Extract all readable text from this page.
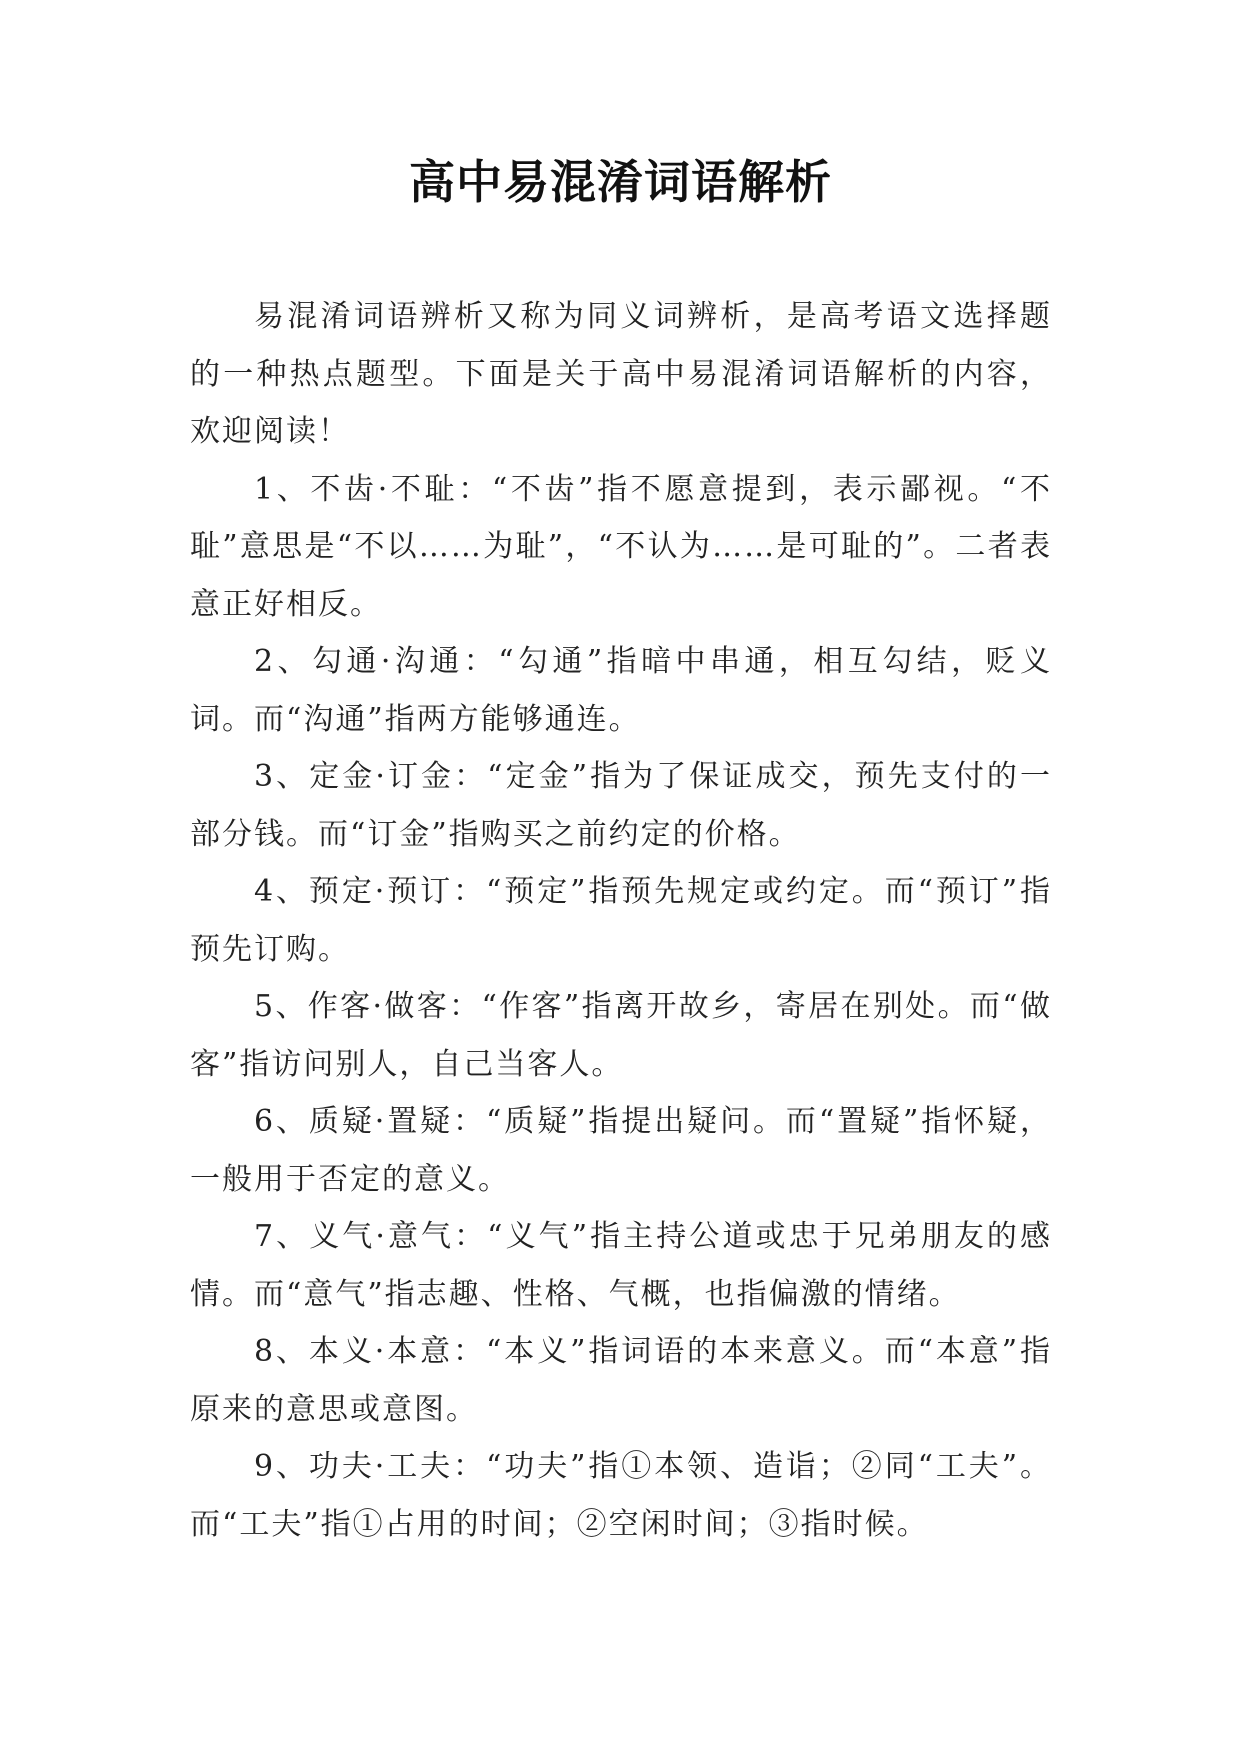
高中易混淆词语解析

易混淆词语辨析又称为同义词辨析，是高考语文选择题的一种热点题型。下面是关于高中易混淆词语解析的内容，欢迎阅读！

1、不齿·不耻：“不齿”指不愿意提到，表示鄙视。“不耻”意思是“不以……为耻”，“不认为……是可耻的”。二者表意正好相反。

2、勾通·沟通：“勾通”指暗中串通，相互勾结，贬义词。而“沟通”指两方能够通连。

3、定金·订金：“定金”指为了保证成交，预先支付的一部分钱。而“订金”指购买之前约定的价格。

4、预定·预订：“预定”指预先规定或约定。而“预订”指预先订购。

5、作客·做客：“作客”指离开故乡，寄居在别处。而“做客”指访问别人，自己当客人。

6、质疑·置疑：“质疑”指提出疑问。而“置疑”指怀疑，一般用于否定的意义。

7、义气·意气：“义气”指主持公道或忠于兄弟朋友的感情。而“意气”指志趣、性格、气概，也指偏激的情绪。

8、本义·本意：“本义”指词语的本来意义。而“本意”指原来的意思或意图。

9、功夫·工夫：“功夫”指①本领、造诣；②同“工夫”。而“工夫”指①占用的时间；②空闲时间；③指时候。
